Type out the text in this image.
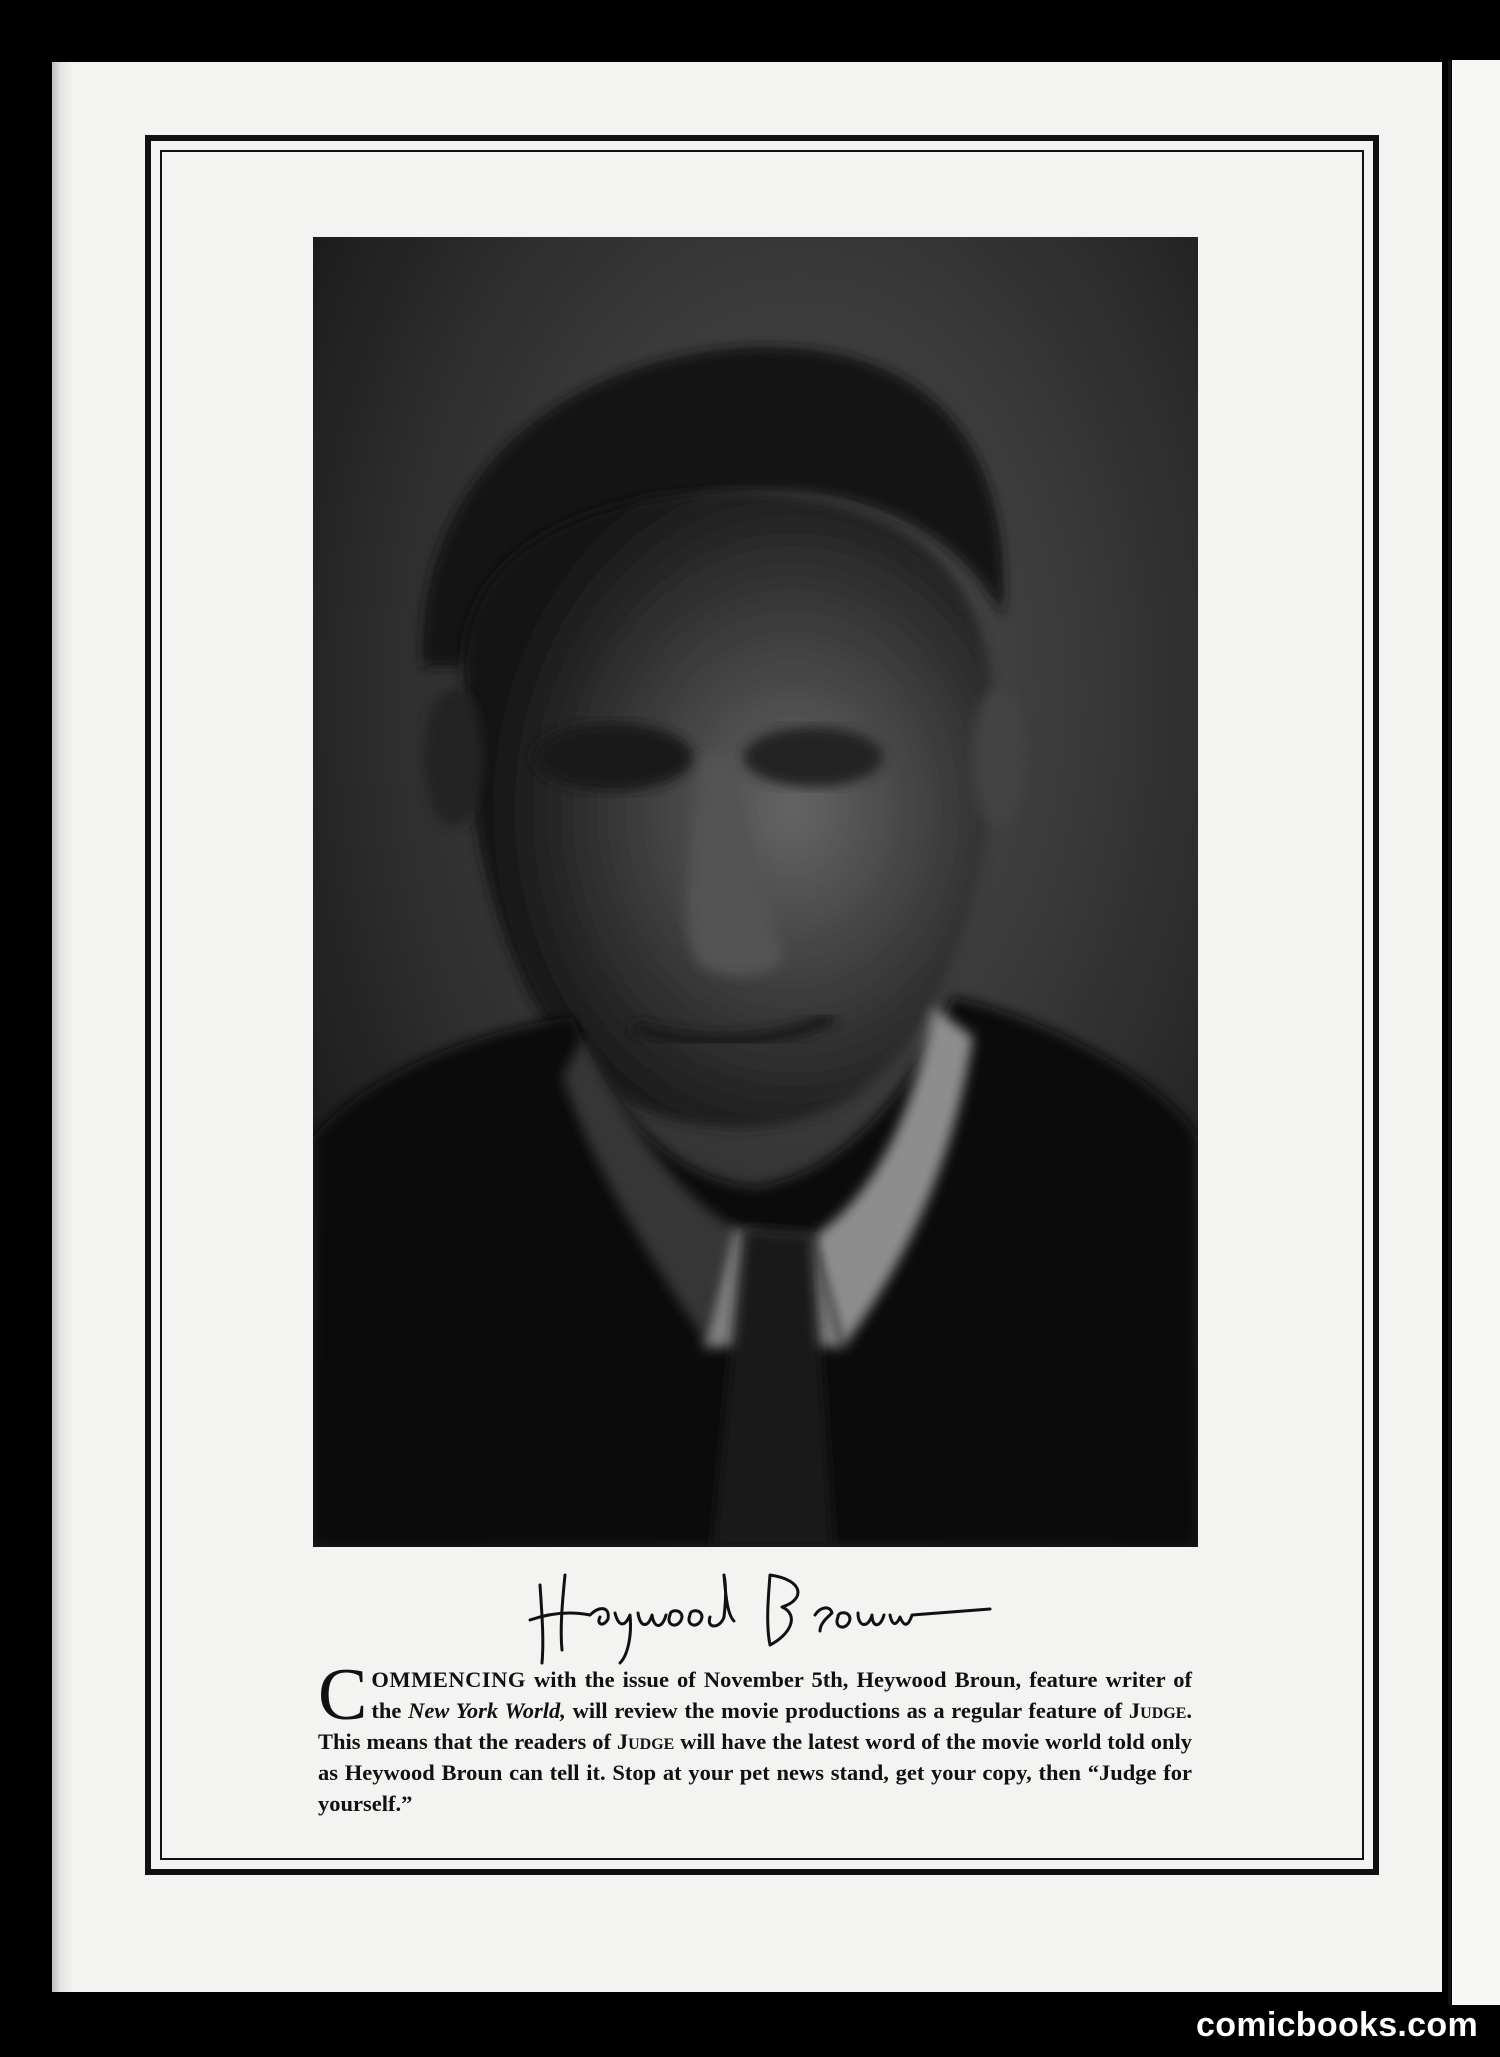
COMMENCING with the issue of November 5th, Heywood Broun, feature writer of the New York World, will review the movie productions as a regular feature of Judge. This means that the readers of Judge will have the latest word of the movie world told only as Heywood Broun can tell it. Stop at your pet news stand, get your copy, then “Judge for yourself.”
comicbooks.com
